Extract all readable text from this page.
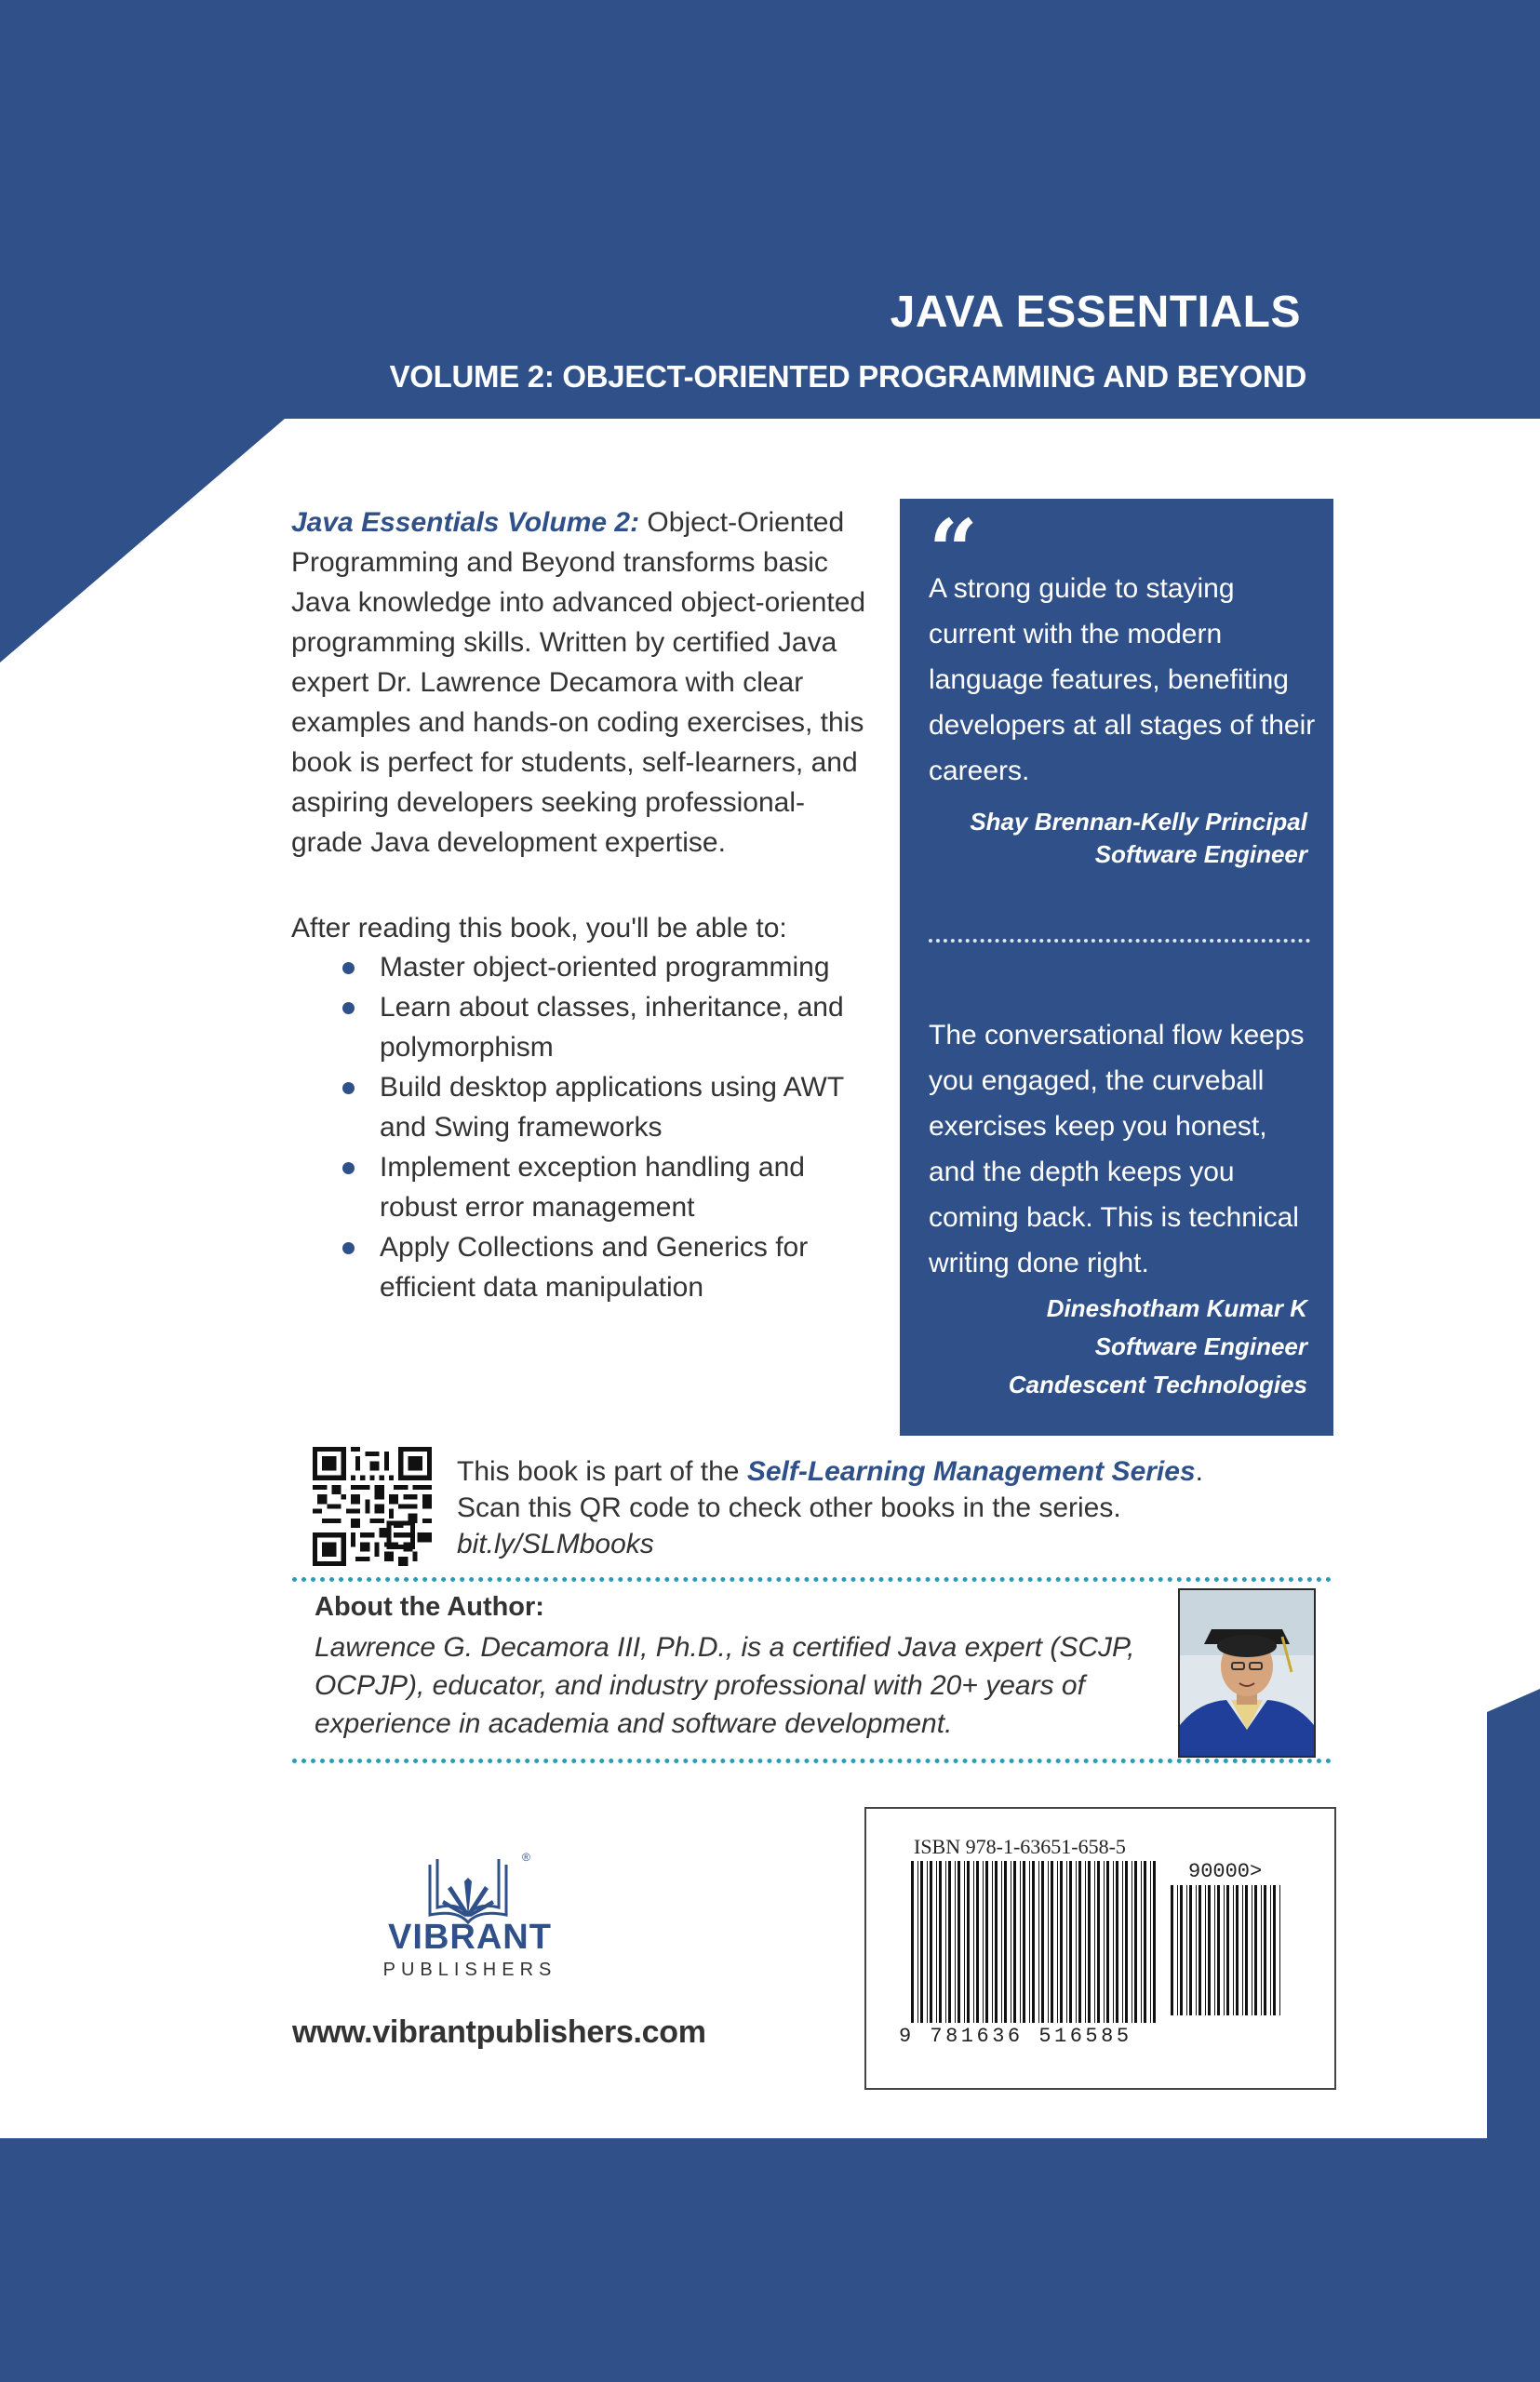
JAVA ESSENTIALS
VOLUME 2: OBJECT-ORIENTED PROGRAMMING AND BEYOND
Java Essentials Volume 2: Object-Oriented Programming and Beyond transforms basic Java knowledge into advanced object-oriented programming skills. Written by certified Java expert Dr. Lawrence Decamora with clear examples and hands-on coding exercises, this book is perfect for students, self-learners, and aspiring developers seeking professional-grade Java development expertise.
After reading this book, you'll be able to:
Master object-oriented programming
Learn about classes, inheritance, and polymorphism
Build desktop applications using AWT and Swing frameworks
Implement exception handling and robust error management
Apply Collections and Generics for efficient data manipulation
“
A strong guide to staying current with the modern language features, benefiting developers at all stages of their careers.
Shay Brennan-Kelly Principal
Software Engineer
The conversational flow keeps you engaged, the curveball exercises keep you honest, and the depth keeps you coming back. This is technical writing done right.
Dineshotham Kumar K
Software Engineer
Candescent Technologies
This book is part of the Self-Learning Management Series.
Scan this QR code to check other books in the series.
bit.ly/SLMbooks
About the Author:
Lawrence G. Decamora III, Ph.D., is a certified Java expert (SCJP, OCPJP), educator, and industry professional with 20+ years of experience in academia and software development.
®
VIBRANT
PUBLISHERS
www.vibrantpublishers.com
ISBN 978-1-63651-658-5
90000>
9 781636 516585
